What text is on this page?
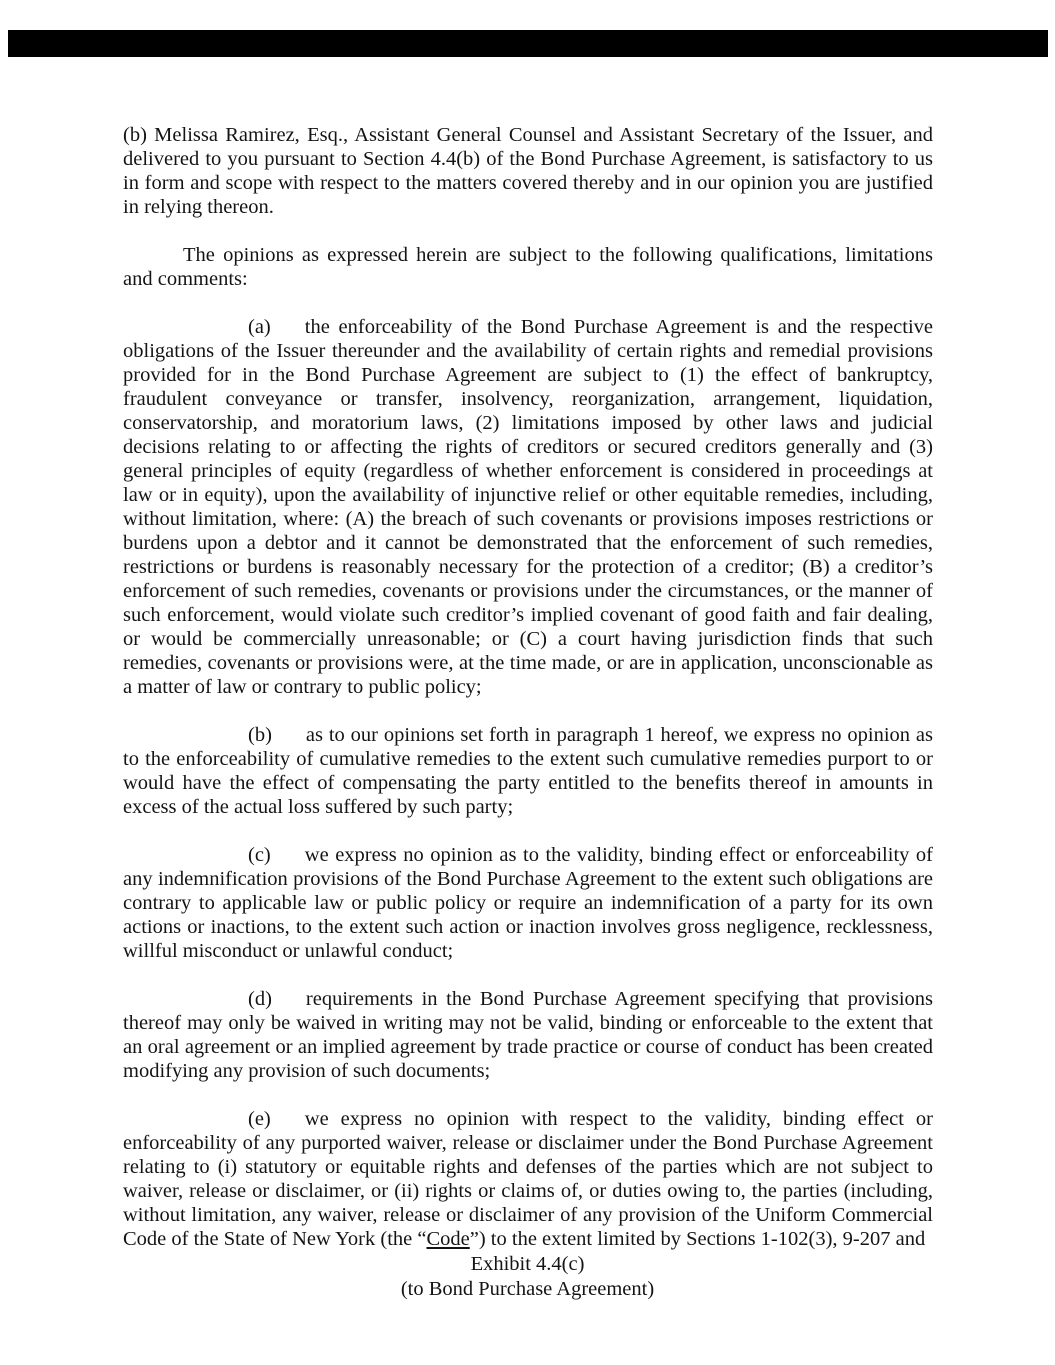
(b) Melissa Ramirez, Esq., Assistant General Counsel and Assistant Secretary of the Issuer, and delivered to you pursuant to Section 4.4(b) of the Bond Purchase Agreement, is satisfactory to us in form and scope with respect to the matters covered thereby and in our opinion you are justified in relying thereon.

The opinions as expressed herein are subject to the following qualifications, limitations and comments:

(a) the enforceability of the Bond Purchase Agreement is and the respective obligations of the Issuer thereunder and the availability of certain rights and remedial provisions provided for in the Bond Purchase Agreement are subject to (1) the effect of bankruptcy, fraudulent conveyance or transfer, insolvency, reorganization, arrangement, liquidation, conservatorship, and moratorium laws, (2) limitations imposed by other laws and judicial decisions relating to or affecting the rights of creditors or secured creditors generally and (3) general principles of equity (regardless of whether enforcement is considered in proceedings at law or in equity), upon the availability of injunctive relief or other equitable remedies, including, without limitation, where: (A) the breach of such covenants or provisions imposes restrictions or burdens upon a debtor and it cannot be demonstrated that the enforcement of such remedies, restrictions or burdens is reasonably necessary for the protection of a creditor; (B) a creditor’s enforcement of such remedies, covenants or provisions under the circumstances, or the manner of such enforcement, would violate such creditor’s implied covenant of good faith and fair dealing, or would be commercially unreasonable; or (C) a court having jurisdiction finds that such remedies, covenants or provisions were, at the time made, or are in application, unconscionable as a matter of law or contrary to public policy;

(b) as to our opinions set forth in paragraph 1 hereof, we express no opinion as to the enforceability of cumulative remedies to the extent such cumulative remedies purport to or would have the effect of compensating the party entitled to the benefits thereof in amounts in excess of the actual loss suffered by such party;

(c) we express no opinion as to the validity, binding effect or enforceability of any indemnification provisions of the Bond Purchase Agreement to the extent such obligations are contrary to applicable law or public policy or require an indemnification of a party for its own actions or inactions, to the extent such action or inaction involves gross negligence, recklessness, willful misconduct or unlawful conduct;

(d) requirements in the Bond Purchase Agreement specifying that provisions thereof may only be waived in writing may not be valid, binding or enforceable to the extent that an oral agreement or an implied agreement by trade practice or course of conduct has been created modifying any provision of such documents;

(e) we express no opinion with respect to the validity, binding effect or enforceability of any purported waiver, release or disclaimer under the Bond Purchase Agreement relating to (i) statutory or equitable rights and defenses of the parties which are not subject to waiver, release or disclaimer, or (ii) rights or claims of, or duties owing to, the parties (including, without limitation, any waiver, release or disclaimer of any provision of the Uniform Commercial Code of the State of New York (the “Code”) to the extent limited by Sections 1-102(3), 9-207 and

Exhibit 4.4(c)
(to Bond Purchase Agreement)
